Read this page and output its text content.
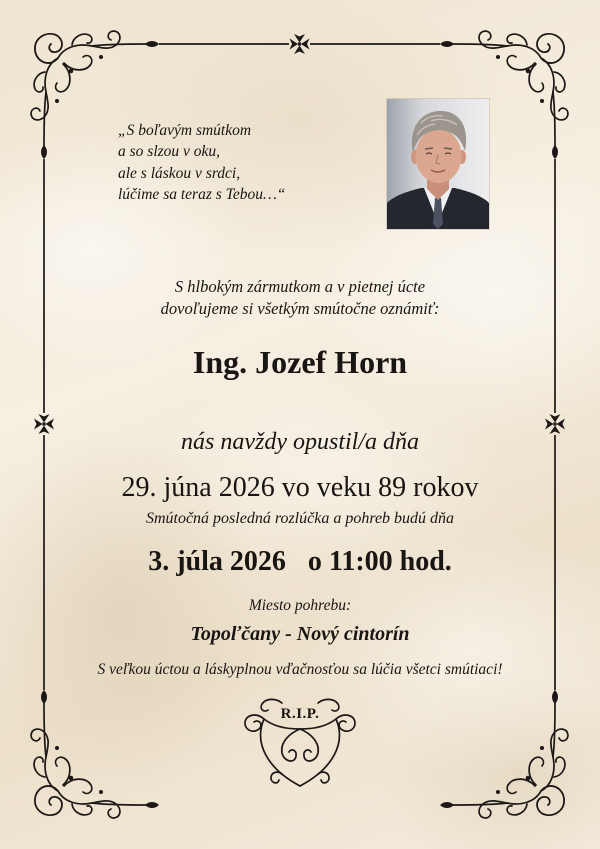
„S boľavým smútkom
a so slzou v oku,
ale s láskou v srdci,
lúčime sa teraz s Tebou…“
S hlbokým zármutkom a v pietnej úcte
dovoľujeme si všetkým smútočne oznámiť:
Ing. Jozef Horn
nás navždy opustil/a dňa
29. júna 2026 vo veku 89 rokov
Smútočná posledná rozlúčka a pohreb budú dňa
3. júla 2026 o 11:00 hod.
Miesto pohrebu:
Topoľčany - Nový cintorín
S veľkou úctou a láskyplnou vďačnosťou sa lúčia všetci smútiaci!
R.I.P.
